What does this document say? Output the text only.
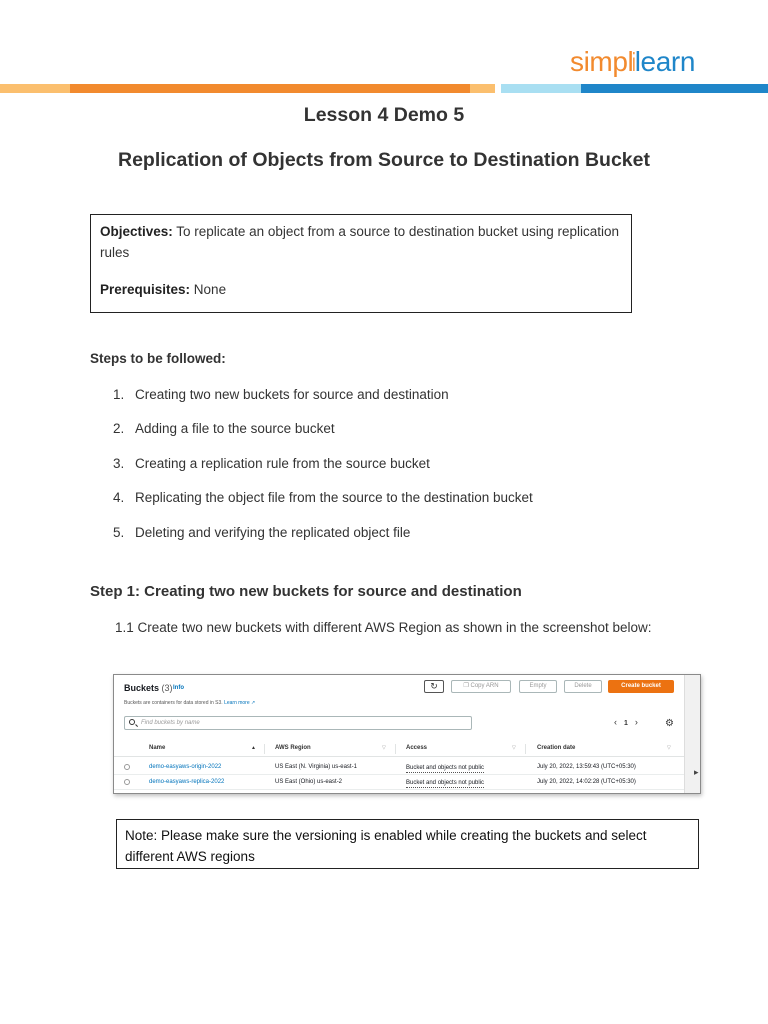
simplilearn
Lesson 4 Demo 5
Replication of Objects from Source to Destination Bucket

Objectives: To replicate an object from a source to destination bucket using replication rules

Prerequisites: None

Steps to be followed:
1. Creating two new buckets for source and destination
2. Adding a file to the source bucket
3. Creating a replication rule from the source bucket
4. Replicating the object file from the source to the destination bucket
5. Deleting and verifying the replicated object file
Step 1: Creating two new buckets for source and destination
1.1 Create two new buckets with different AWS Region as shown in the screenshot below:
Buckets (3) Info
Buckets are containers for data stored in S3. Learn more ↗
↻	❐ Copy ARN	Empty	Delete	Create bucket
Find buckets by name	‹ 1 ›	⚙
Name	▲	AWS Region	▽	Access	▽	Creation date	▽
demo-easyaws-origin-2022	US East (N. Virginia) us-east-1	Bucket and objects not public	July 20, 2022, 13:59:43 (UTC+05:30)
demo-easyaws-replica-2022	US East (Ohio) us-east-2	Bucket and objects not public	July 20, 2022, 14:02:28 (UTC+05:30)
▸
Note: Please make sure the versioning is enabled while creating the buckets and select different AWS regions
